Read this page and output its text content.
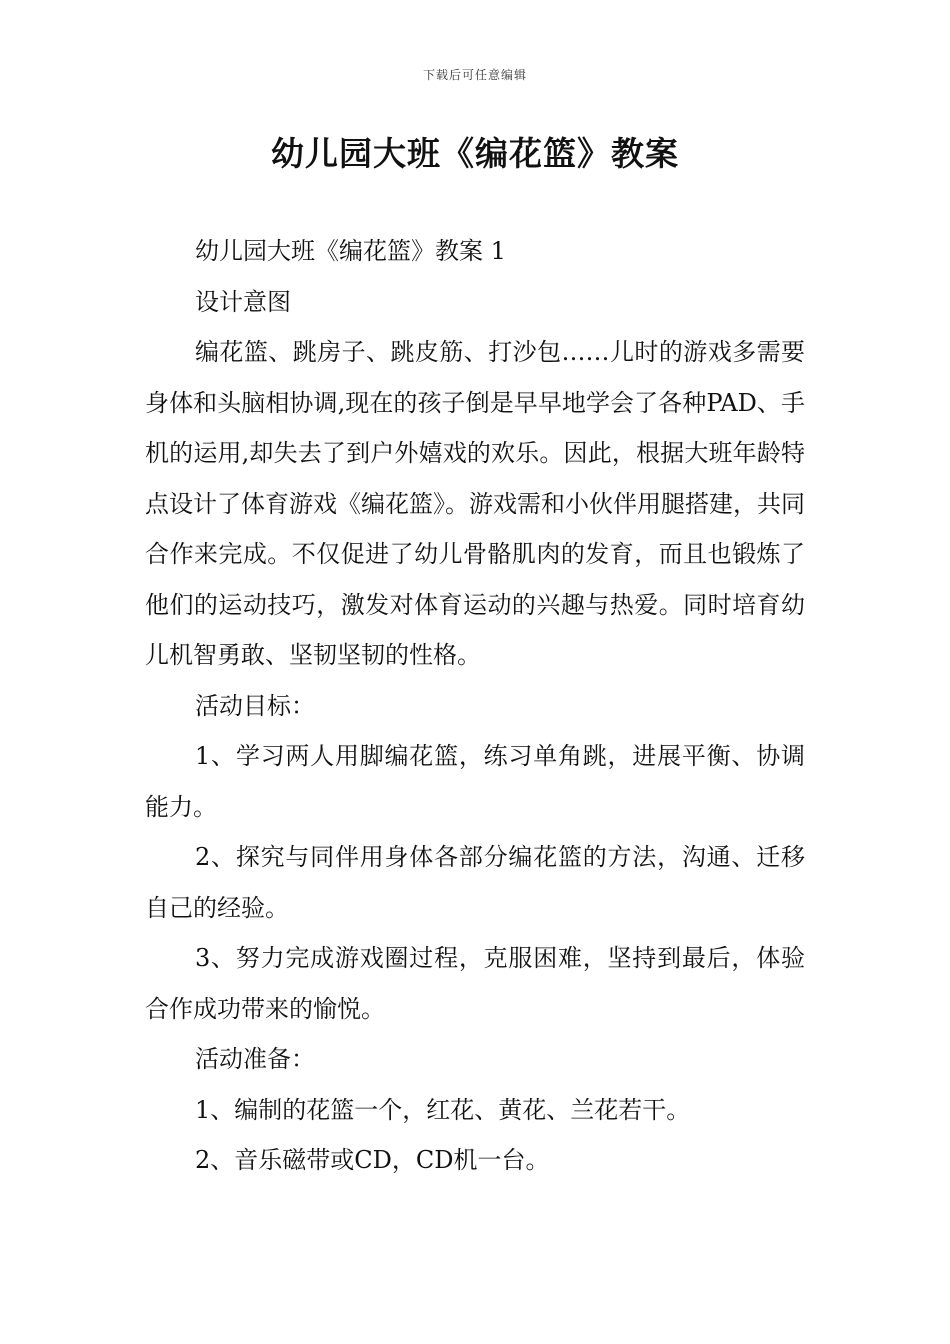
下载后可任意编辑
幼儿园大班《编花篮》教案

幼儿园大班《编花篮》教案 1

设计意图

编花篮、跳房子、跳皮筋、打沙包……儿时的游戏多需要身体和头脑相协调,现在的孩子倒是早早地学会了各种PAD、手机的运用,却失去了到户外嬉戏的欢乐。因此，根据大班年龄特点设计了体育游戏《编花篮》。游戏需和小伙伴用腿搭建，共同合作来完成。不仅促进了幼儿骨骼肌肉的发育，而且也锻炼了他们的运动技巧，激发对体育运动的兴趣与热爱。同时培育幼儿机智勇敢、坚韧坚韧的性格。

活动目标：

1、学习两人用脚编花篮，练习单角跳，进展平衡、协调能力。

2、探究与同伴用身体各部分编花篮的方法，沟通、迁移自己的经验。

3、努力完成游戏圈过程，克服困难，坚持到最后，体验合作成功带来的愉悦。

活动准备：

1、编制的花篮一个，红花、黄花、兰花若干。

2、音乐磁带或CD，CD机一台。
